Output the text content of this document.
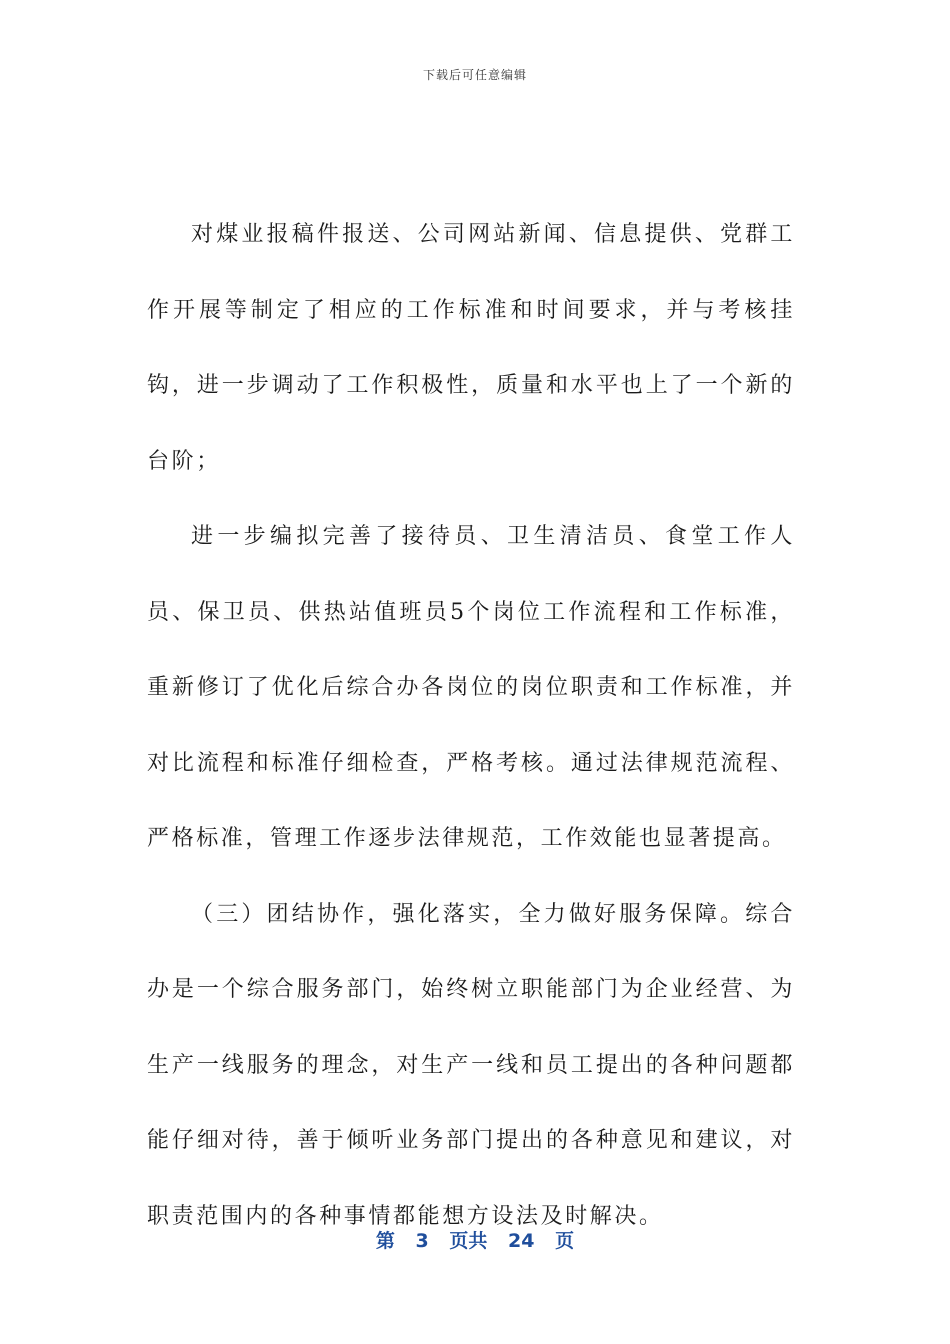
下载后可任意编辑

对煤业报稿件报送、公司网站新闻、信息提供、党群工作开展等制定了相应的工作标准和时间要求，并与考核挂钩，进一步调动了工作积极性，质量和水平也上了一个新的台阶；

进一步编拟完善了接待员、卫生清洁员、食堂工作人员、保卫员、供热站值班员5个岗位工作流程和工作标准，重新修订了优化后综合办各岗位的岗位职责和工作标准，并对比流程和标准仔细检查，严格考核。通过法律规范流程、严格标准，管理工作逐步法律规范，工作效能也显著提高。

（三）团结协作，强化落实，全力做好服务保障。综合办是一个综合服务部门，始终树立职能部门为企业经营、为生产一线服务的理念，对生产一线和员工提出的各种问题都能仔细对待，善于倾听业务部门提出的各种意见和建议，对职责范围内的各种事情都能想方设法及时解决。

第 3 页共 24 页
